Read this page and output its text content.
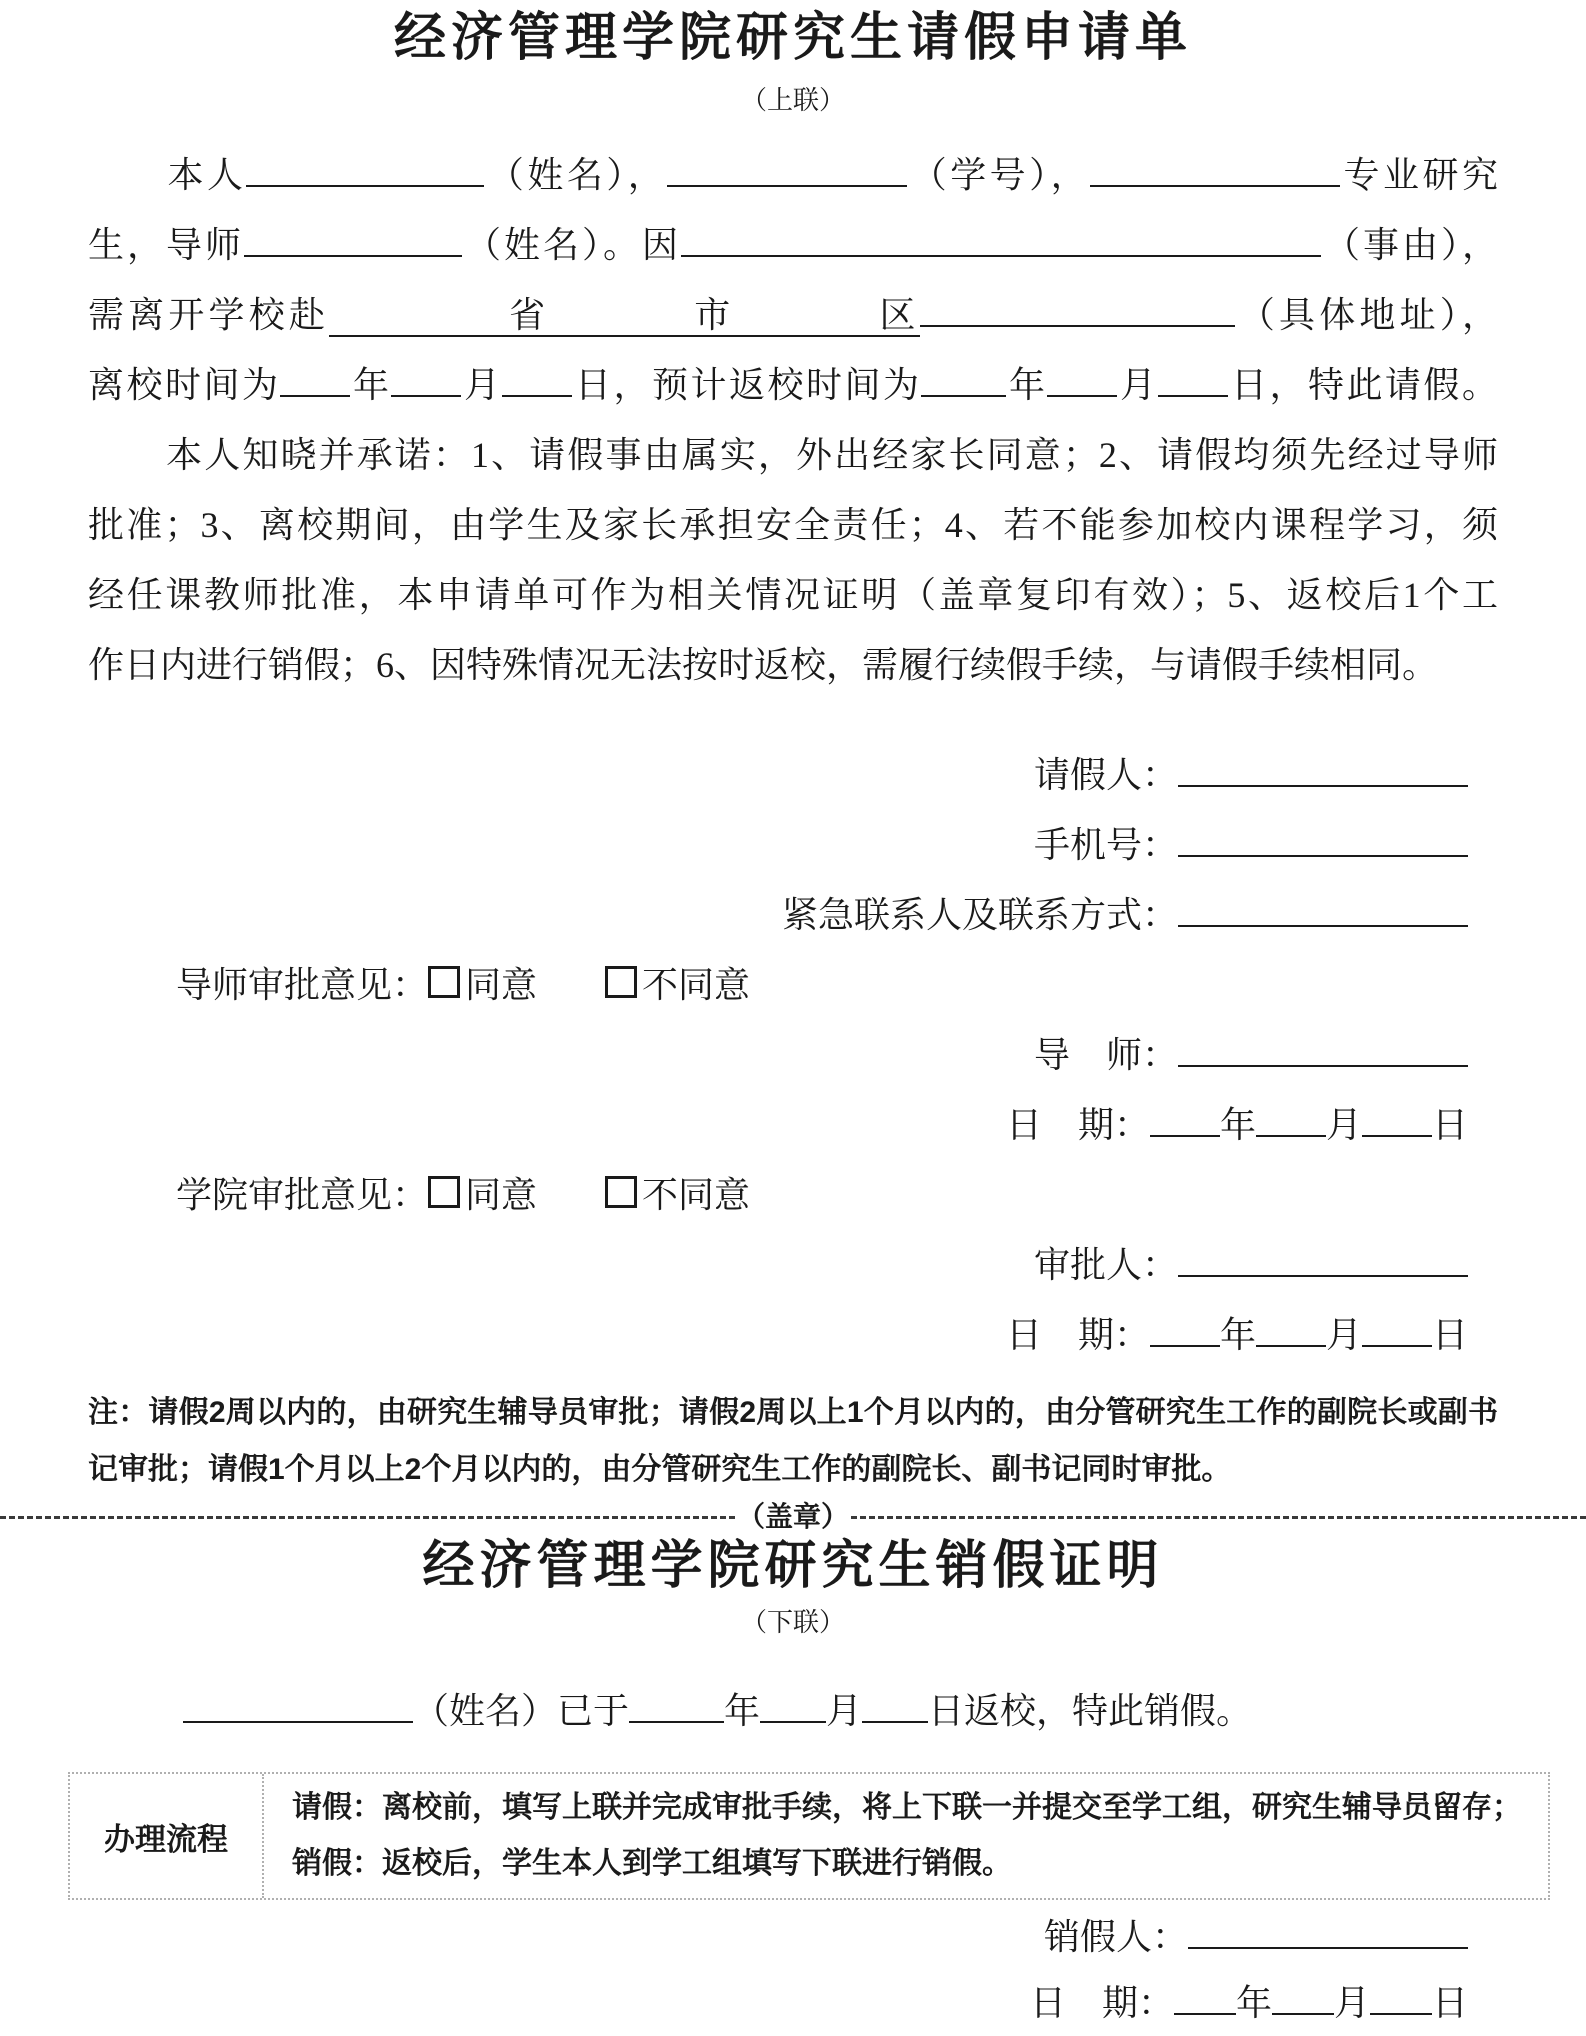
经济管理学院研究生请假申请单
（上联）
本人	（姓名），	（学号），	专业研究
生，导师	（姓名）。因	（事由），
需离开学校赴	省	市	区	（具体地址），
离校时间为 年 月 日，预计返校时间为 年 月 日，特此请假。
本人知晓并承诺：1、请假事由属实，外出经家长同意；2、请假均须先经过导师
批准；3、离校期间，由学生及家长承担安全责任；4、若不能参加校内课程学习，须
经任课教师批准，本申请单可作为相关情况证明（盖章复印有效）；5、返校后1个工
作日内进行销假；6、因特殊情况无法按时返校，需履行续假手续，与请假手续相同。
请假人：
手机号：
紧急联系人及联系方式：
导师审批意见： 同意	不同意
导　师：
日　期： 年 月 日
学院审批意见： 同意	不同意
审批人：
日　期： 年 月 日
注：请假2周以内的，由研究生辅导员审批；请假2周以上1个月以内的，由分管研究生工作的副院长或副书
记审批；请假1个月以上2个月以内的，由分管研究生工作的副院长、副书记同时审批。
（盖章）
经济管理学院研究生销假证明
（下联）
（姓名）已于	年 月 日返校，特此销假。
办理流程
请假：离校前，填写上联并完成审批手续，将上下联一并提交至学工组，研究生辅导员留存；
销假：返校后，学生本人到学工组填写下联进行销假。
销假人：
日　期： 年 月 日
